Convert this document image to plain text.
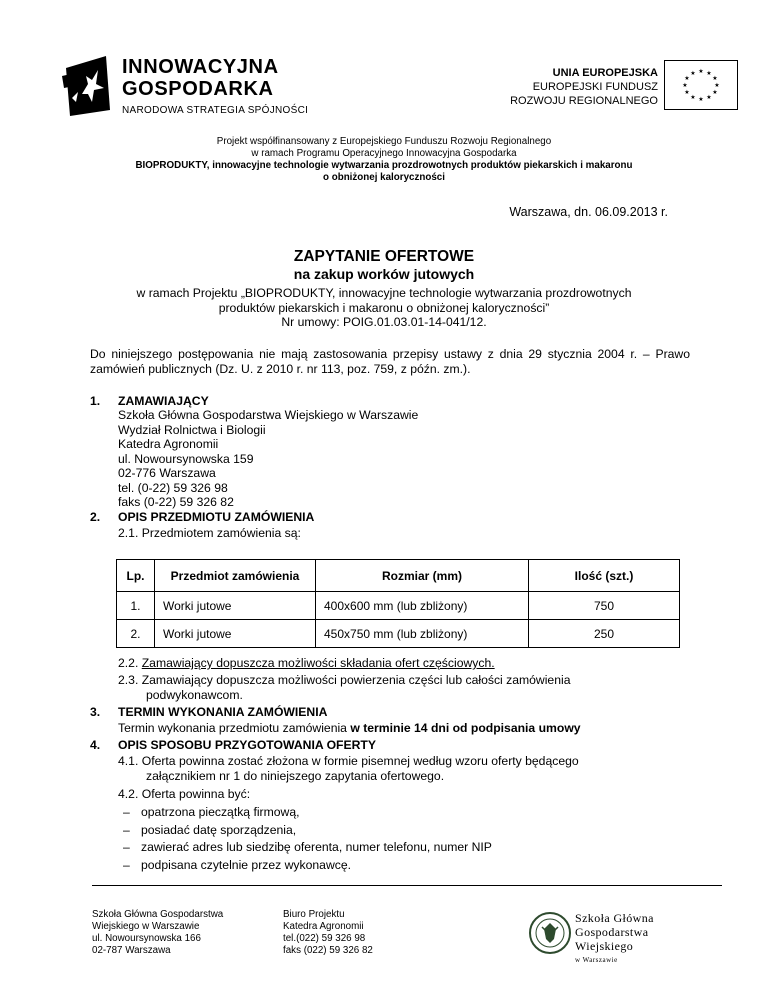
INNOWACYJNA
GOSPODARKA
NARODOWA STRATEGIA SPÓJNOŚCI
UNIA EUROPEJSKA
EUROPEJSKI FUNDUSZ
ROZWOJU REGIONALNEGO
★ ★
★
★
★
★
★
★
★
★
★
★
Projekt współfinansowany z Europejskiego Funduszu Rozwoju Regionalnego
w ramach Programu Operacyjnego Innowacyjna Gospodarka
BIOPRODUKTY, innowacyjne technologie wytwarzania prozdrowotnych produktów piekarskich i makaronu
o obniżonej kaloryczności
Warszawa, dn. 06.09.2013 r.
ZAPYTANIE OFERTOWE
na zakup worków jutowych
w ramach Projektu „BIOPRODUKTY, innowacyjne technologie wytwarzania prozdrowotnych
produktów piekarskich i makaronu o obniżonej kaloryczności”
Nr umowy: POIG.01.03.01-14-041/12.
Do niniejszego postępowania nie mają zastosowania przepisy ustawy z dnia 29 stycznia 2004 r. – Prawo zamówień publicznych (Dz. U. z 2010 r. nr 113, poz. 759, z późn. zm.).
1. ZAMAWIAJĄCY
Szkoła Główna Gospodarstwa Wiejskiego w Warszawie
Wydział Rolnictwa i Biologii
Katedra Agronomii
ul. Nowoursynowska 159
02-776 Warszawa
tel. (0-22) 59 326 98
faks (0-22) 59 326 82
2. OPIS PRZEDMIOTU ZAMÓWIENIA
2.1. Przedmiotem zamówienia są:
Lp.	Przedmiot zamówienia	Rozmiar (mm)	Ilość (szt.)
1.	Worki jutowe	400x600 mm (lub zbliżony)	750
2.	Worki jutowe	450x750 mm (lub zbliżony)	250
2.2. Zamawiający dopuszcza możliwości składania ofert częściowych.
2.3. Zamawiający dopuszcza możliwości powierzenia części lub całości zamówienia
podwykonawcom.
3. TERMIN WYKONANIA ZAMÓWIENIA
Termin wykonania przedmiotu zamówienia w terminie 14 dni od podpisania umowy
4. OPIS SPOSOBU PRZYGOTOWANIA OFERTY
4.1. Oferta powinna zostać złożona w formie pisemnej według wzoru oferty będącego
załącznikiem nr 1 do niniejszego zapytania ofertowego.
4.2. Oferta powinna być:
– opatrzona pieczątką firmową,
– posiadać datę sporządzenia,
– zawierać adres lub siedzibę oferenta, numer telefonu, numer NIP
– podpisana czytelnie przez wykonawcę.
Szkoła Główna Gospodarstwa
Wiejskiego w Warszawie
ul. Nowoursynowska 166
02-787 Warszawa
Biuro Projektu
Katedra Agronomii
tel.(022) 59 326 98
faks (022) 59 326 82
Szkoła Główna
Gospodarstwa
Wiejskiego
w Warszawie
